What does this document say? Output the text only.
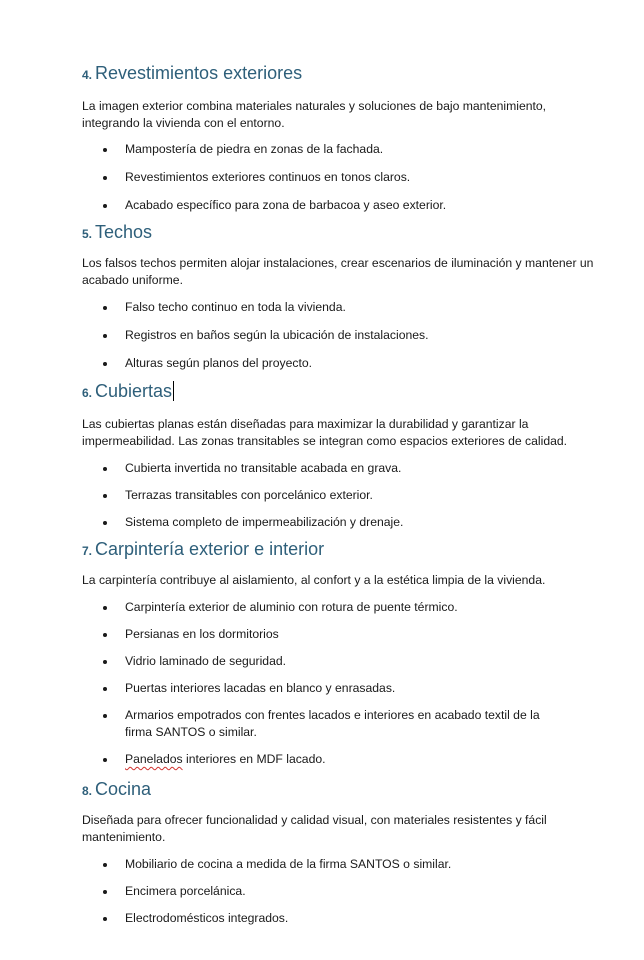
4. Revestimientos exteriores

La imagen exterior combina materiales naturales y soluciones de bajo mantenimiento, integrando la vivienda con el entorno.

Mampostería de piedra en zonas de la fachada.
Revestimientos exteriores continuos en tonos claros.
Acabado específico para zona de barbacoa y aseo exterior.
5. Techos

Los falsos techos permiten alojar instalaciones, crear escenarios de iluminación y mantener un acabado uniforme.

Falso techo continuo en toda la vivienda.
Registros en baños según la ubicación de instalaciones.
Alturas según planos del proyecto.
6. Cubiertas

Las cubiertas planas están diseñadas para maximizar la durabilidad y garantizar la impermeabilidad. Las zonas transitables se integran como espacios exteriores de calidad.

Cubierta invertida no transitable acabada en grava.
Terrazas transitables con porcelánico exterior.
Sistema completo de impermeabilización y drenaje.
7. Carpintería exterior e interior

La carpintería contribuye al aislamiento, al confort y a la estética limpia de la vivienda.

Carpintería exterior de aluminio con rotura de puente térmico.
Persianas en los dormitorios
Vidrio laminado de seguridad.
Puertas interiores lacadas en blanco y enrasadas.
Armarios empotrados con frentes lacados e interiores en acabado textil de la firma SANTOS o similar.
Panelados interiores en MDF lacado.
8. Cocina

Diseñada para ofrecer funcionalidad y calidad visual, con materiales resistentes y fácil mantenimiento.

Mobiliario de cocina a medida de la firma SANTOS o similar.
Encimera porcelánica.
Electrodomésticos integrados.
